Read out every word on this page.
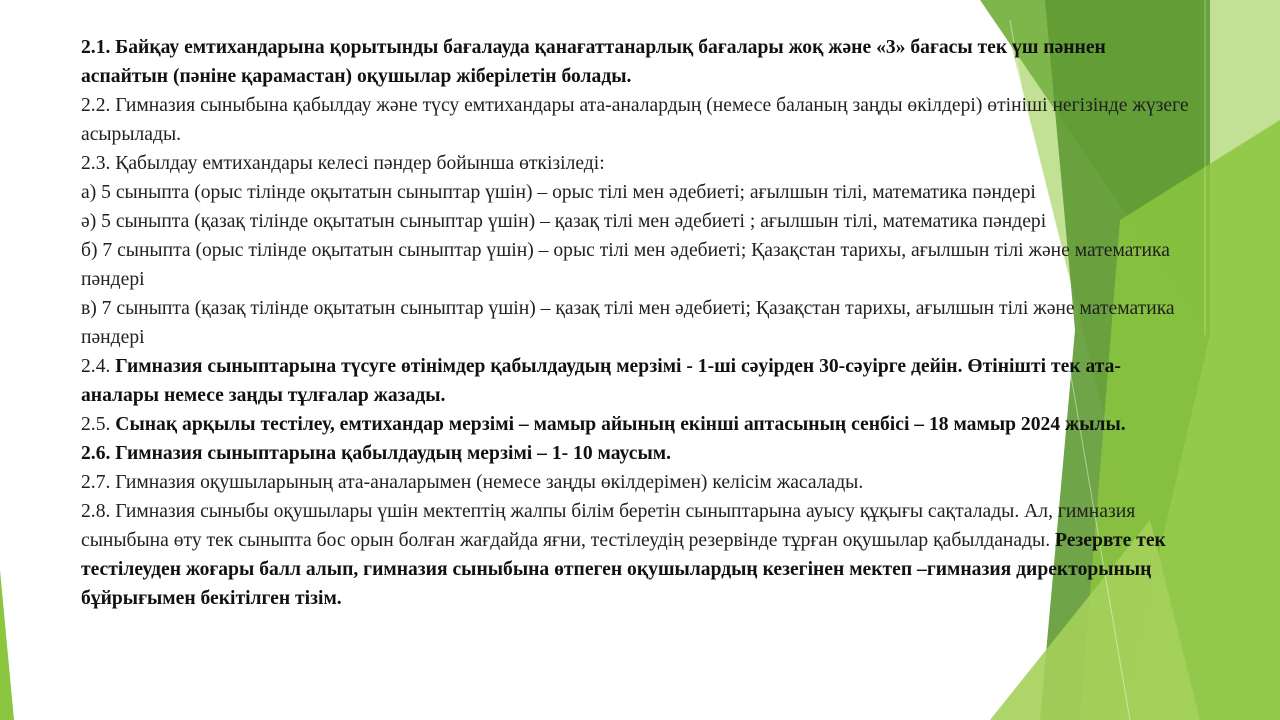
2.1. Байқау емтихандарына қорытынды бағалауда қанағаттанарлық бағалары жоқ және «3» бағасы тек үш пәннен аспайтын (пәніне қарамастан) оқушылар жіберілетін болады.

2.2. Гимназия сыныбына қабылдау және түсу емтихандары ата-аналардың (немесе баланың заңды өкілдері) өтініші негізінде жүзеге асырылады.

2.3. Қабылдау емтихандары келесі пәндер бойынша өткізіледі:

а) 5 сыныпта (орыс тілінде оқытатын сыныптар үшін) – орыс тілі мен әдебиеті; ағылшын тілі, математика пәндері

ә) 5 сыныпта (қазақ тілінде оқытатын сыныптар үшін) – қазақ тілі мен әдебиеті ; ағылшын тілі, математика пәндері

б) 7 сыныпта (орыс тілінде оқытатын сыныптар үшін) – орыс тілі мен әдебиеті; Қазақстан тарихы, ағылшын тілі және математика пәндері

в) 7 сыныпта (қазақ тілінде оқытатын сыныптар үшін) – қазақ тілі мен әдебиеті; Қазақстан тарихы, ағылшын тілі және математика пәндері

2.4. Гимназия сыныптарына түсуге өтінімдер қабылдаудың мерзімі - 1-ші сәуірден 30-сәуірге дейін. Өтінішті тек ата-аналары немесе заңды тұлғалар жазады.

2.5. Сынақ арқылы тестілеу, емтихандар мерзімі – мамыр айының екінші аптасының сенбісі – 18 мамыр 2024 жылы.

2.6. Гимназия сыныптарына қабылдаудың мерзімі – 1- 10 маусым.

2.7. Гимназия оқушыларының ата-аналарымен (немесе заңды өкілдерімен) келісім жасалады.

2.8. Гимназия сыныбы оқушылары үшін мектептің жалпы білім беретін сыныптарына ауысу құқығы сақталады. Ал, гимназия сыныбына өту тек сыныпта бос орын болған жағдайда яғни, тестілеудің резервінде тұрған оқушылар қабылданады. Резервте тек тестілеуден жоғары балл алып, гимназия сыныбына өтпеген оқушылардың кезегінен мектеп –гимназия директорының бұйрығымен бекітілген тізім.
